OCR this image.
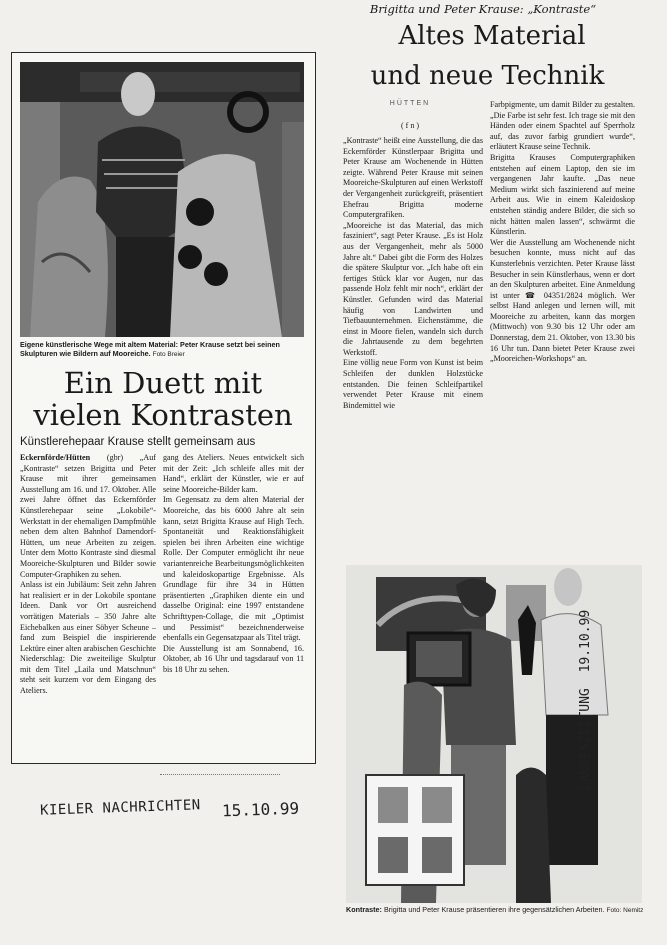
Eigene künstlerische Wege mit altem Material: Peter Krause setzt bei seinen Skulpturen wie Bildern auf Mooreiche. Foto Breier
Ein Duett mit vielen Kontrasten
Künstlerehepaar Krause stellt gemeinsam aus
Eckernförde/Hütten (gbr) „Auf „Kontraste“ setzen Brigitta und Peter Krause mit ihrer gemeinsamen Ausstellung am 16. und 17. Oktober. Alle zwei Jahre öffnet das Eckernförder Künstlerehepaar seine „Lokobile“-Werkstatt in der ehemaligen Dampfmühle neben dem alten Bahnhof Damendorf-Hütten, um neue Arbeiten zu zeigen. Unter dem Motto Kontraste sind diesmal Mooreiche-Skulpturen und Bilder sowie Computer-Graphiken zu sehen.
Anlass ist ein Jubiläum: Seit zehn Jahren hat realisiert er in der Lokobile spontane Ideen. Dank vor Ort ausreichend vorrätigen Materials – 350 Jahre alte Eichebalken aus einer Söbyer Scheune – fand zum Beispiel die inspirierende Lektüre einer alten arabischen Geschichte Niederschlag: Die zweiteilige Skulptur mit dem Titel „Laila und Matschnun“ steht seit kurzem vor dem Eingang des Ateliers.
gang des Ateliers. Neues entwickelt sich mit der Zeit: „Ich schleife alles mit der Hand“, erklärt der Künstler, wie er auf seine Mooreiche-Bilder kam.
Im Gegensatz zu dem alten Material der Mooreiche, das bis 6000 Jahre alt sein kann, setzt Brigitta Krause auf High Tech. Spontaneität und Reaktionsfähigkeit spielen bei ihren Arbeiten eine wichtige Rolle. Der Computer ermöglicht ihr neue variantenreiche Bearbeitungsmöglichkeiten und kaleidoskopartige Ergebnisse. Als Grundlage für ihre 34 in Hütten präsentierten „Graphiken diente ein und dasselbe Original: eine 1997 entstandene Schrifttypen-Collage, die mit „Optimist und Pessimist“ bezeichnenderweise ebenfalls ein Gegensatzpaar als Titel trägt.
Die Ausstellung ist am Sonnabend, 16. Oktober, ab 16 Uhr und tagsdarauf von 11 bis 18 Uhr zu sehen.
KIELER NACHRICHTEN 15.10.99
Brigitta und Peter Krause: „Kontraste“
Altes Material
und neue Technik
HÜTTEN
( f n )
„Kontraste“ heißt eine Ausstellung, die das Eckernförder Künstlerpaar Brigitta und Peter Krause am Wochenende in Hütten zeigte. Während Peter Krause mit seinen Mooreiche-Skulpturen auf einen Werkstoff der Vergangenheit zurückgreift, präsentiert Ehefrau Brigitta moderne Computergrafiken.
„Mooreiche ist das Material, das mich fasziniert“, sagt Peter Krause. „Es ist Holz aus der Vergangenheit, mehr als 5000 Jahre alt.“ Dabei gibt die Form des Holzes die spätere Skulptur vor. „Ich habe oft ein fertiges Stück klar vor Augen, nur das passende Holz fehlt mir noch“, erklärt der Künstler. Gefunden wird das Material häufig von Landwirten und Tiefbauunternehmen. Eichenstämme, die einst in Moore fielen, wandeln sich durch die Jahrtausende zu dem begehrten Werkstoff.
Eine völlig neue Form von Kunst ist beim Schleifen der dunklen Holzstücke entstanden. Die feinen Schleifpartikel verwendet Peter Krause mit einem Bindemittel wie
Farbpigmente, um damit Bilder zu gestalten. „Die Farbe ist sehr fest. Ich trage sie mit den Händen oder einem Spachtel auf Sperrholz auf, das zuvor farbig grundiert wurde“, erläutert Krause seine Technik.
Brigitta Krauses Computergraphiken entstehen auf einem Laptop, den sie im vergangenen Jahr kaufte. „Das neue Medium wirkt sich faszinierend auf meine Arbeit aus. Wie in einem Kaleidoskop entstehen ständig andere Bilder, die sich so nicht hätten malen lassen“, schwärmt die Künstlerin.
Wer die Ausstellung am Wochenende nicht besuchen konnte, muss nicht auf das Kunsterlebnis verzichten. Peter Krause lässt Besucher in sein Künstlerhaus, wenn er dort an den Skulpturen arbeitet. Eine Anmeldung ist unter ☎ 04351/2824 möglich. Wer selbst Hand anlegen und lernen will, mit Mooreiche zu arbeiten, kann das morgen (Mittwoch) von 9.30 bis 12 Uhr oder am Donnerstag, dem 21. Oktober, von 13.30 bis 16 Uhr tun. Dann bietet Peter Krause zwei „Mooreichen-Workshops“ an.
Kontraste: Brigitta und Peter Krause präsentieren ihre gegensätzlichen Arbeiten. Foto: Nemitz
LANDESZEITUNG 19.10.99
